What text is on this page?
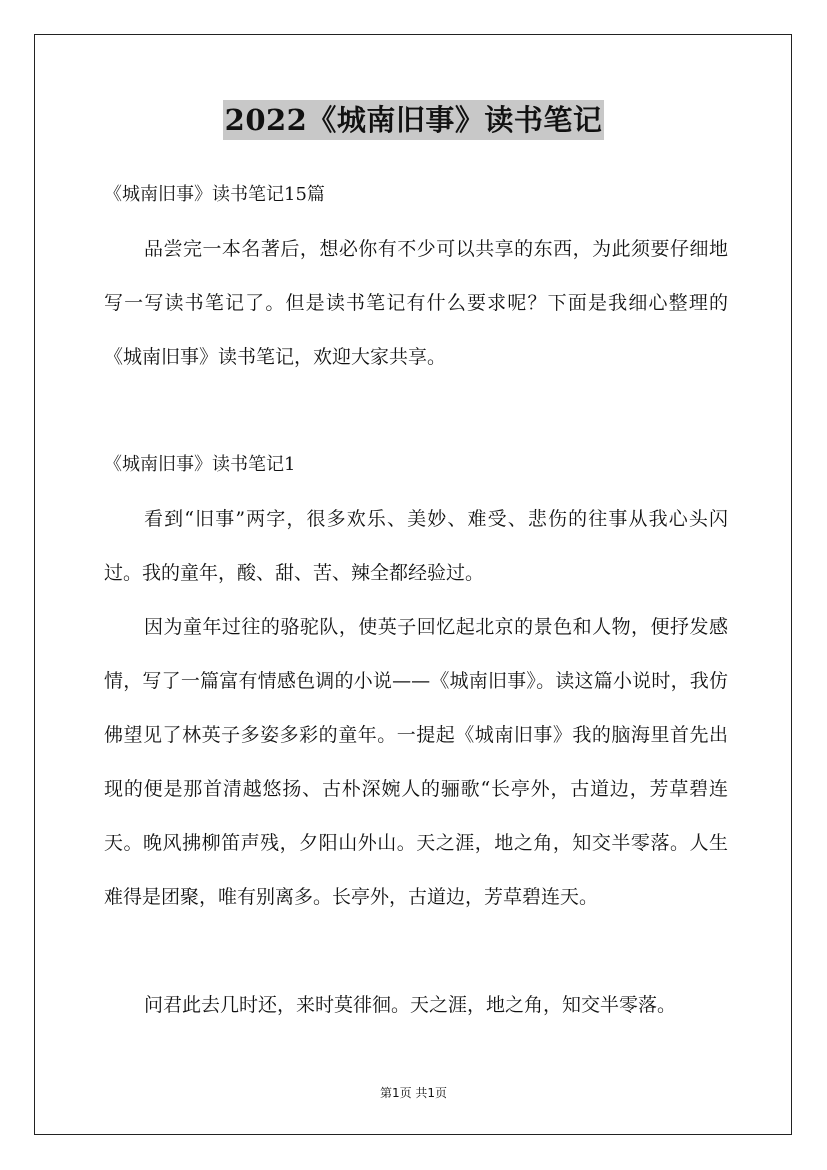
2022《城南旧事》读书笔记
《城南旧事》读书笔记15篇

品尝完一本名著后，想必你有不少可以共享的东西，为此须要仔细地写一写读书笔记了。但是读书笔记有什么要求呢？下面是我细心整理的《城南旧事》读书笔记，欢迎大家共享。

《城南旧事》读书笔记1

看到“旧事”两字，很多欢乐、美妙、难受、悲伤的往事从我心头闪过。我的童年，酸、甜、苦、辣全都经验过。

因为童年过往的骆驼队，使英子回忆起北京的景色和人物，便抒发感情，写了一篇富有情感色调的小说——《城南旧事》。读这篇小说时，我仿佛望见了林英子多姿多彩的童年。一提起《城南旧事》我的脑海里首先出现的便是那首清越悠扬、古朴深婉人的骊歌“长亭外，古道边，芳草碧连天。晚风拂柳笛声残，夕阳山外山。天之涯，地之角，知交半零落。人生难得是团聚，唯有别离多。长亭外，古道边，芳草碧连天。

问君此去几时还，来时莫徘徊。天之涯，地之角，知交半零落。

第1页 共1页
